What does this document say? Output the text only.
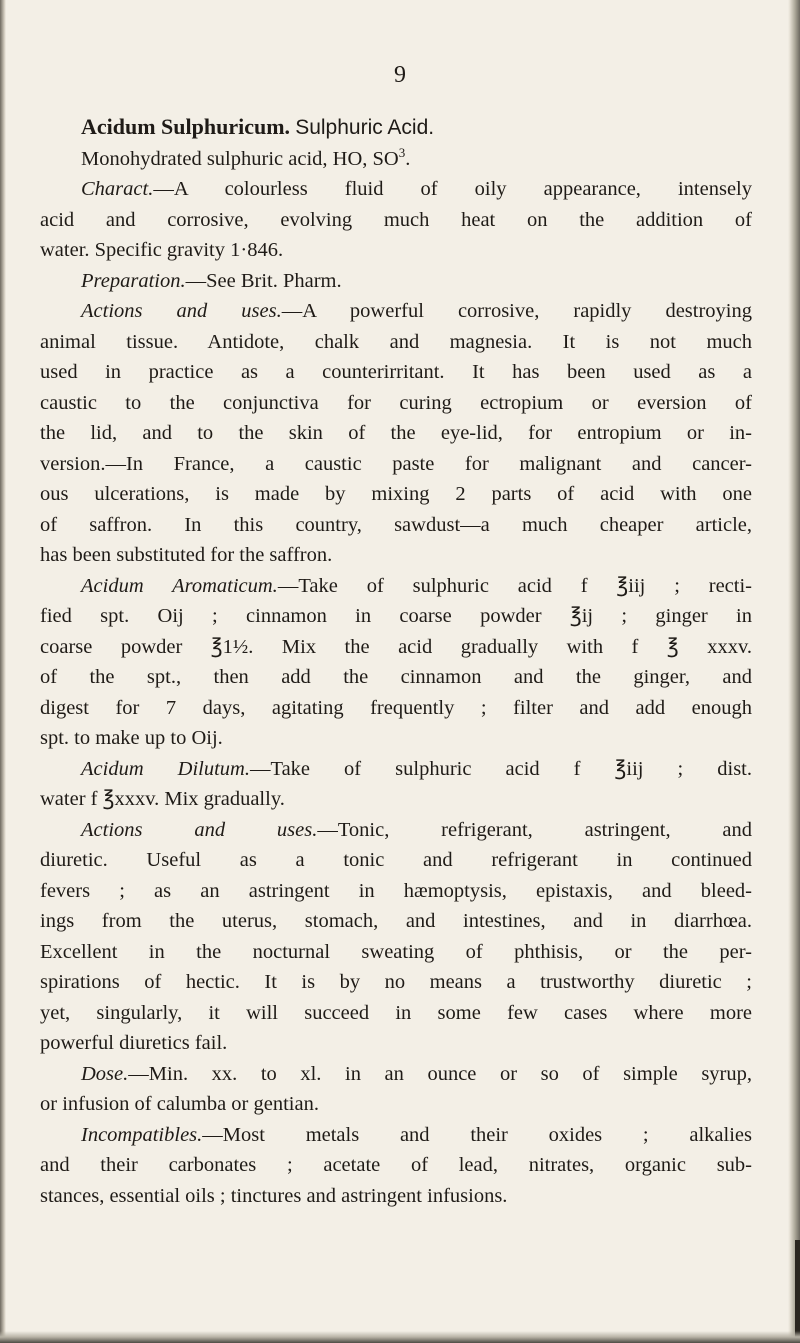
9
Acidum Sulphuricum. Sulphuric Acid.
Monohydrated sulphuric acid, HO, $SO^3$.
Charact.—A colourless fluid of oily appearance, intensely
acid and corrosive, evolving much heat on the addition of
water. Specific gravity 1·846.
Preparation.—See Brit. Pharm.
Actions and uses.—A powerful corrosive, rapidly destroying
animal tissue. Antidote, chalk and magnesia. It is not much
used in practice as a counterirritant. It has been used as a
caustic to the conjunctiva for curing ectropium or eversion of
the lid, and to the skin of the eye-lid, for entropium or in-
version.—In France, a caustic paste for malignant and cancer-
ous ulcerations, is made by mixing 2 parts of acid with one
of saffron. In this country, sawdust—a much cheaper article,
has been substituted for the saffron.
Acidum Aromaticum.—Take of sulphuric acid f ℥iij ; recti-
fied spt. Oij ; cinnamon in coarse powder ℥ij ; ginger in
coarse powder ℥1½. Mix the acid gradually with f ℥ xxxv.
of the spt., then add the cinnamon and the ginger, and
digest for 7 days, agitating frequently ; filter and add enough
spt. to make up to Oij.
Acidum Dilutum.—Take of sulphuric acid f ℥iij ; dist.
water f ℥xxxv. Mix gradually.
Actions and uses.—Tonic, refrigerant, astringent, and
diuretic. Useful as a tonic and refrigerant in continued
fevers ; as an astringent in hæmoptysis, epistaxis, and bleed-
ings from the uterus, stomach, and intestines, and in diarrhœa.
Excellent in the nocturnal sweating of phthisis, or the per-
spirations of hectic. It is by no means a trustworthy diuretic ;
yet, singularly, it will succeed in some few cases where more
powerful diuretics fail.
Dose.—Min. xx. to xl. in an ounce or so of simple syrup,
or infusion of calumba or gentian.
Incompatibles.—Most metals and their oxides ; alkalies
and their carbonates ; acetate of lead, nitrates, organic sub-
stances, essential oils ; tinctures and astringent infusions.
